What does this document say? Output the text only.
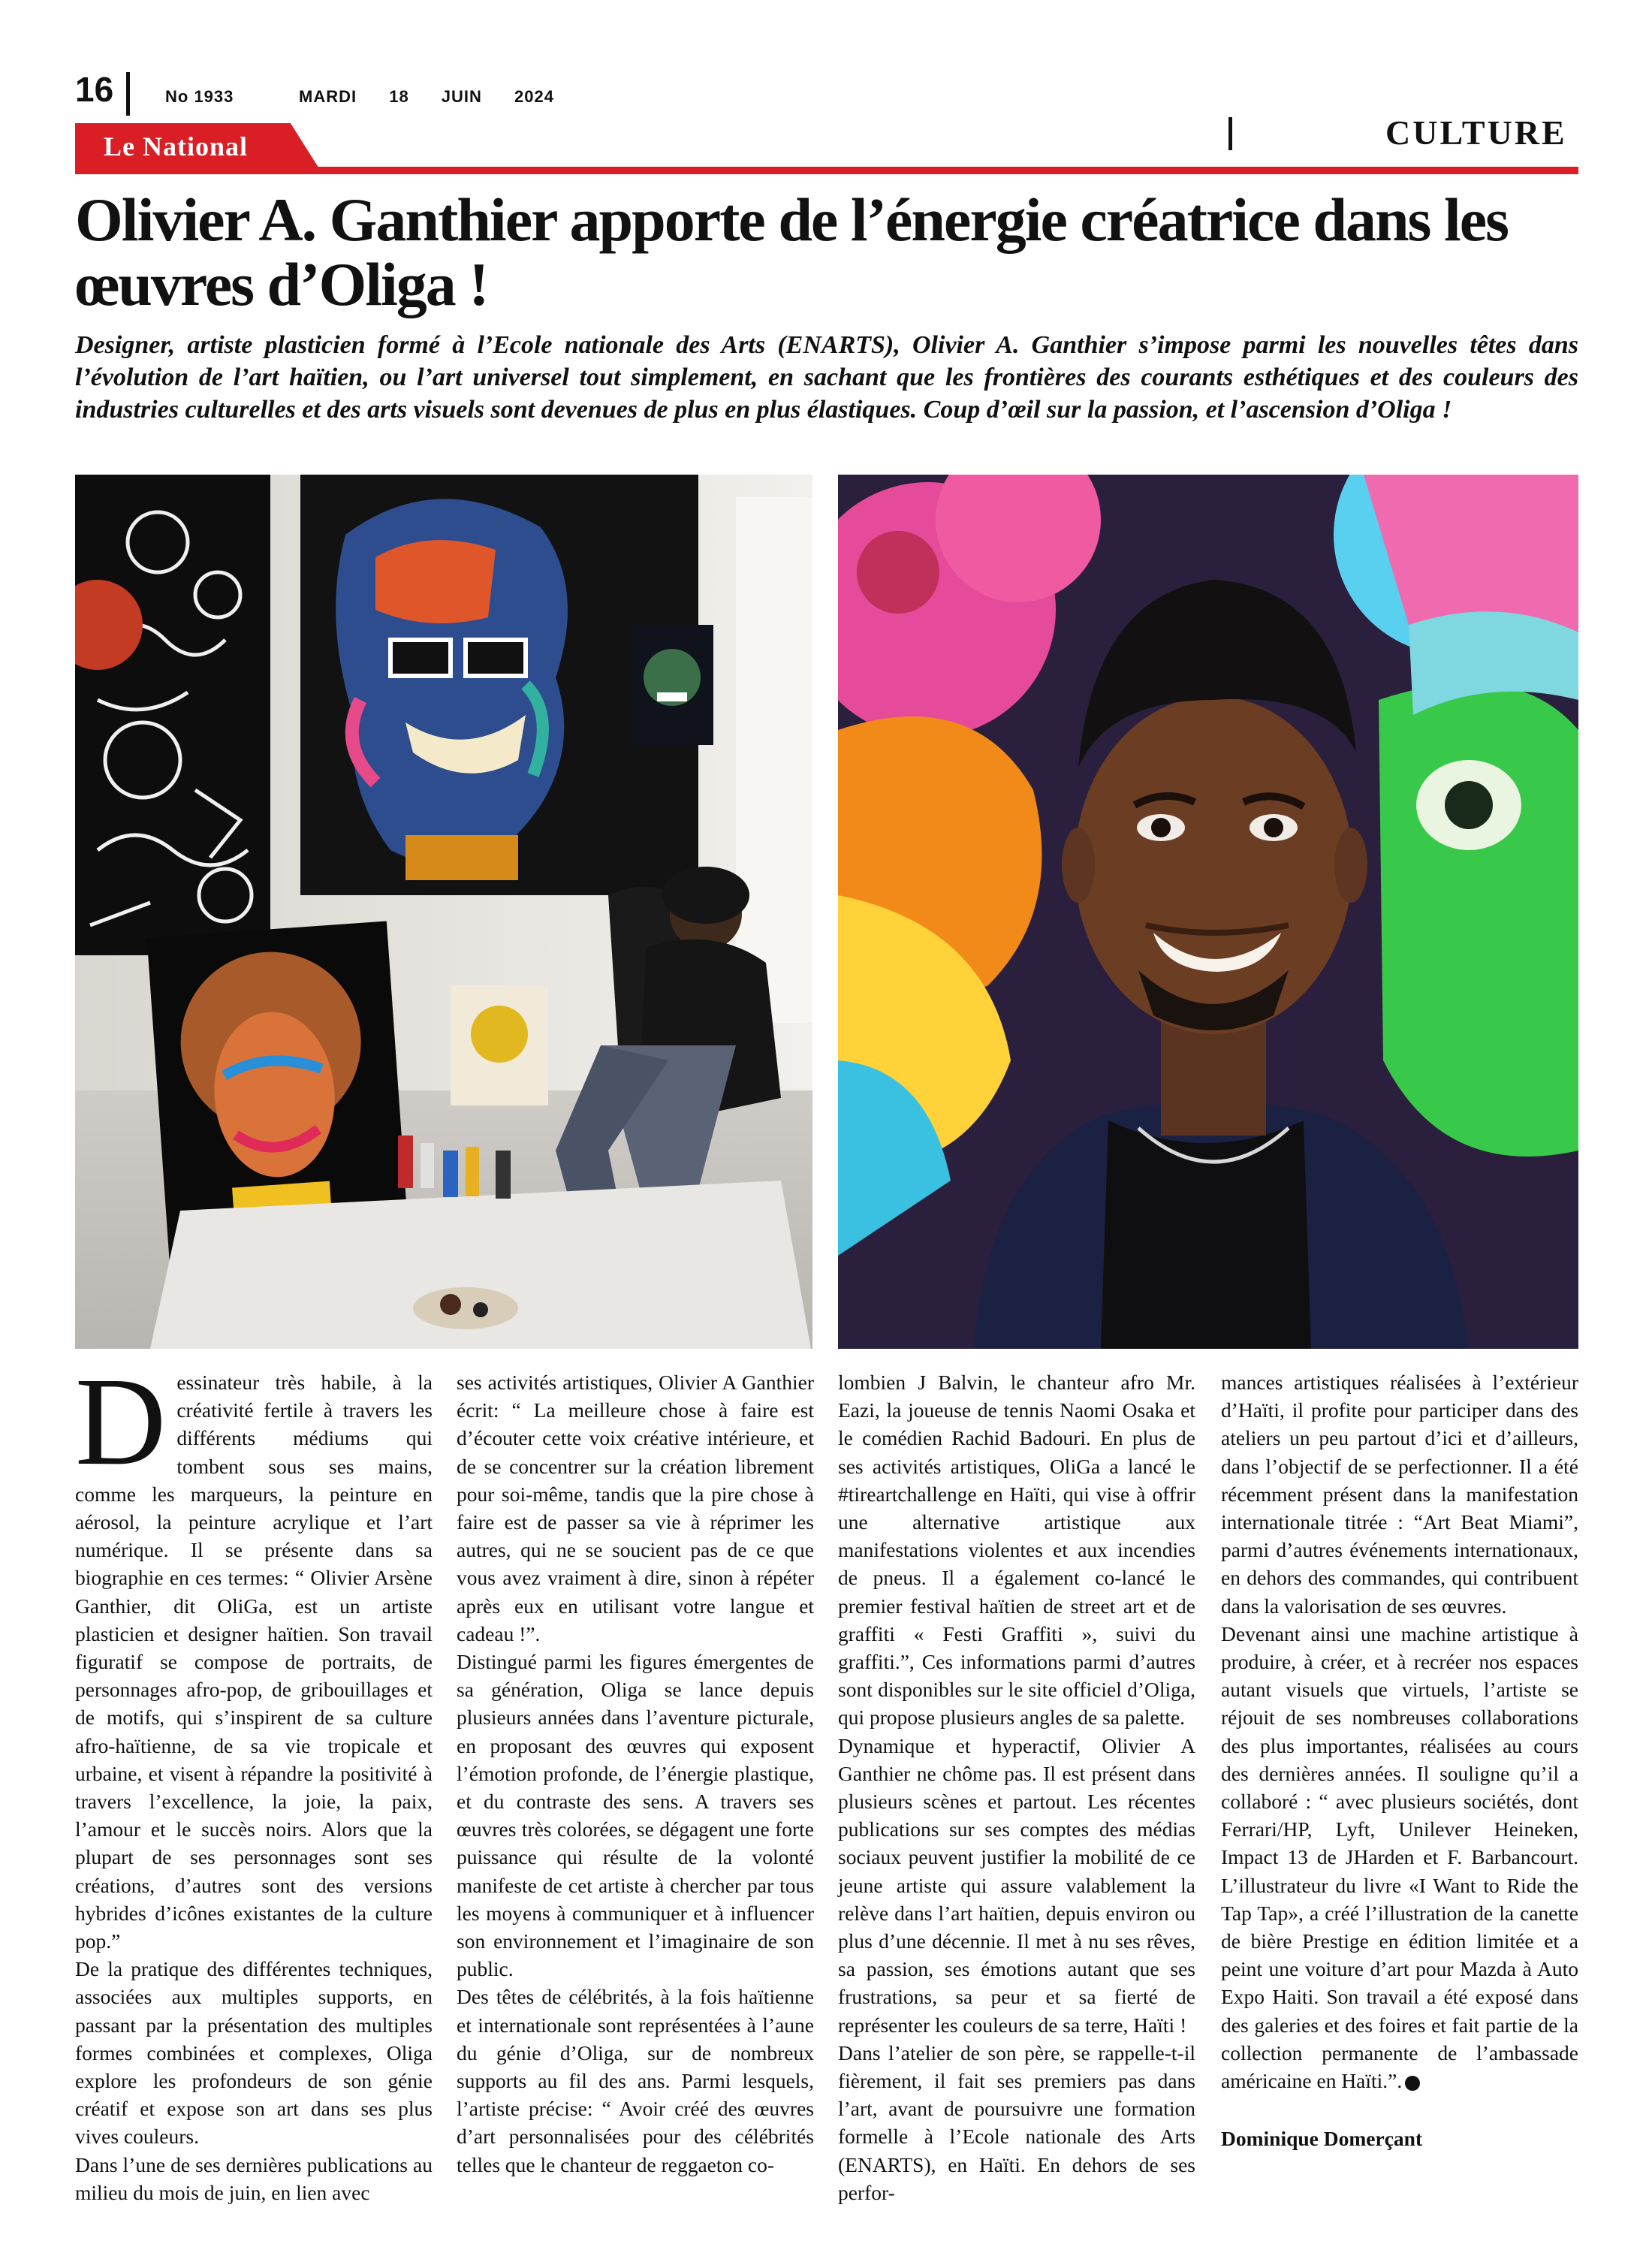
16	No 1933	MARDI 18 JUIN 2024
Le National	CULTURE
Olivier A. Ganthier apporte de l’énergie créatrice dans les œuvres d’Oliga !

Designer, artiste plasticien formé à l’Ecole nationale des Arts (ENARTS), Olivier A. Ganthier s’impose parmi les nouvelles têtes dans l’évolution de l’art haïtien, ou l’art universel tout simplement, en sachant que les frontières des courants esthétiques et des couleurs des industries culturelles et des arts visuels sont devenues de plus en plus élastiques. Coup d’œil sur la passion, et l’ascension d’Oliga !

Dessinateur très habile, à la créativité fertile à travers les différents médiums qui tombent sous ses mains, comme les marqueurs, la peinture en aérosol, la peinture acrylique et l’art numérique. Il se présente dans sa biographie en ces termes: “ Olivier Arsène Ganthier, dit OliGa, est un artiste plasticien et designer haïtien. Son travail figuratif se compose de portraits, de personnages afro-pop, de gribouillages et de motifs, qui s’inspirent de sa culture afro-haïtienne, de sa vie tropicale et urbaine, et visent à répandre la positivité à travers l’excellence, la joie, la paix, l’amour et le succès noirs. Alors que la plupart de ses personnages sont ses créations, d’autres sont des versions hybrides d’icônes existantes de la culture pop.”

De la pratique des différentes techniques, associées aux multiples supports, en passant par la présentation des multiples formes combinées et complexes, Oliga explore les profondeurs de son génie créatif et expose son art dans ses plus vives couleurs.

Dans l’une de ses dernières publications au milieu du mois de juin, en lien avec

ses activités artistiques, Olivier A Ganthier écrit: “ La meilleure chose à faire est d’écouter cette voix créative intérieure, et de se concentrer sur la création librement pour soi-même, tandis que la pire chose à faire est de passer sa vie à réprimer les autres, qui ne se soucient pas de ce que vous avez vraiment à dire, sinon à répéter après eux en utilisant votre langue et cadeau !”.

Distingué parmi les figures émergentes de sa génération, Oliga se lance depuis plusieurs années dans l’aventure picturale, en proposant des œuvres qui exposent l’émotion profonde, de l’énergie plastique, et du contraste des sens. A travers ses œuvres très colorées, se dégagent une forte puissance qui résulte de la volonté manifeste de cet artiste à chercher par tous les moyens à communiquer et à influencer son environnement et l’imaginaire de son public.

Des têtes de célébrités, à la fois haïtienne et internationale sont représentées à l’aune du génie d’Oliga, sur de nombreux supports au fil des ans. Parmi lesquels, l’artiste précise: “ Avoir créé des œuvres d’art personnalisées pour des célébrités telles que le chanteur de reggaeton co-

lombien J Balvin, le chanteur afro Mr. Eazi, la joueuse de tennis Naomi Osaka et le comédien Rachid Badouri. En plus de ses activités artistiques, OliGa a lancé le #tireartchallenge en Haïti, qui vise à offrir une alternative artistique aux manifestations violentes et aux incendies de pneus. Il a également co-lancé le premier festival haïtien de street art et de graffiti « Festi Graffiti », suivi du graffiti.”, Ces informations parmi d’autres sont disponibles sur le site officiel d’Oliga, qui propose plusieurs angles de sa palette.

Dynamique et hyperactif, Olivier A Ganthier ne chôme pas. Il est présent dans plusieurs scènes et partout. Les récentes publications sur ses comptes des médias sociaux peuvent justifier la mobilité de ce jeune artiste qui assure valablement la relève dans l’art haïtien, depuis environ ou plus d’une décennie. Il met à nu ses rêves, sa passion, ses émotions autant que ses frustrations, sa peur et sa fierté de représenter les couleurs de sa terre, Haïti !

Dans l’atelier de son père, se rappelle-t-il fièrement, il fait ses premiers pas dans l’art, avant de poursuivre une formation formelle à l’Ecole nationale des Arts (ENARTS), en Haïti. En dehors de ses perfor-

mances artistiques réalisées à l’extérieur d’Haïti, il profite pour participer dans des ateliers un peu partout d’ici et d’ailleurs, dans l’objectif de se perfectionner. Il a été récemment présent dans la manifestation internationale titrée : “Art Beat Miami”, parmi d’autres événements internationaux, en dehors des commandes, qui contribuent dans la valorisation de ses œuvres.

Devenant ainsi une machine artistique à produire, à créer, et à recréer nos espaces autant visuels que virtuels, l’artiste se réjouit de ses nombreuses collaborations des plus importantes, réalisées au cours des dernières années. Il souligne qu’il a collaboré : “ avec plusieurs sociétés, dont Ferrari/HP, Lyft, Unilever Heineken, Impact 13 de JHarden et F. Barbancourt. L’illustrateur du livre «I Want to Ride the Tap Tap», a créé l’illustration de la canette de bière Prestige en édition limitée et a peint une voiture d’art pour Mazda à Auto Expo Haiti. Son travail a été exposé dans des galeries et des foires et fait partie de la collection permanente de l’ambassade américaine en Haïti.”.

Dominique Domerçant
